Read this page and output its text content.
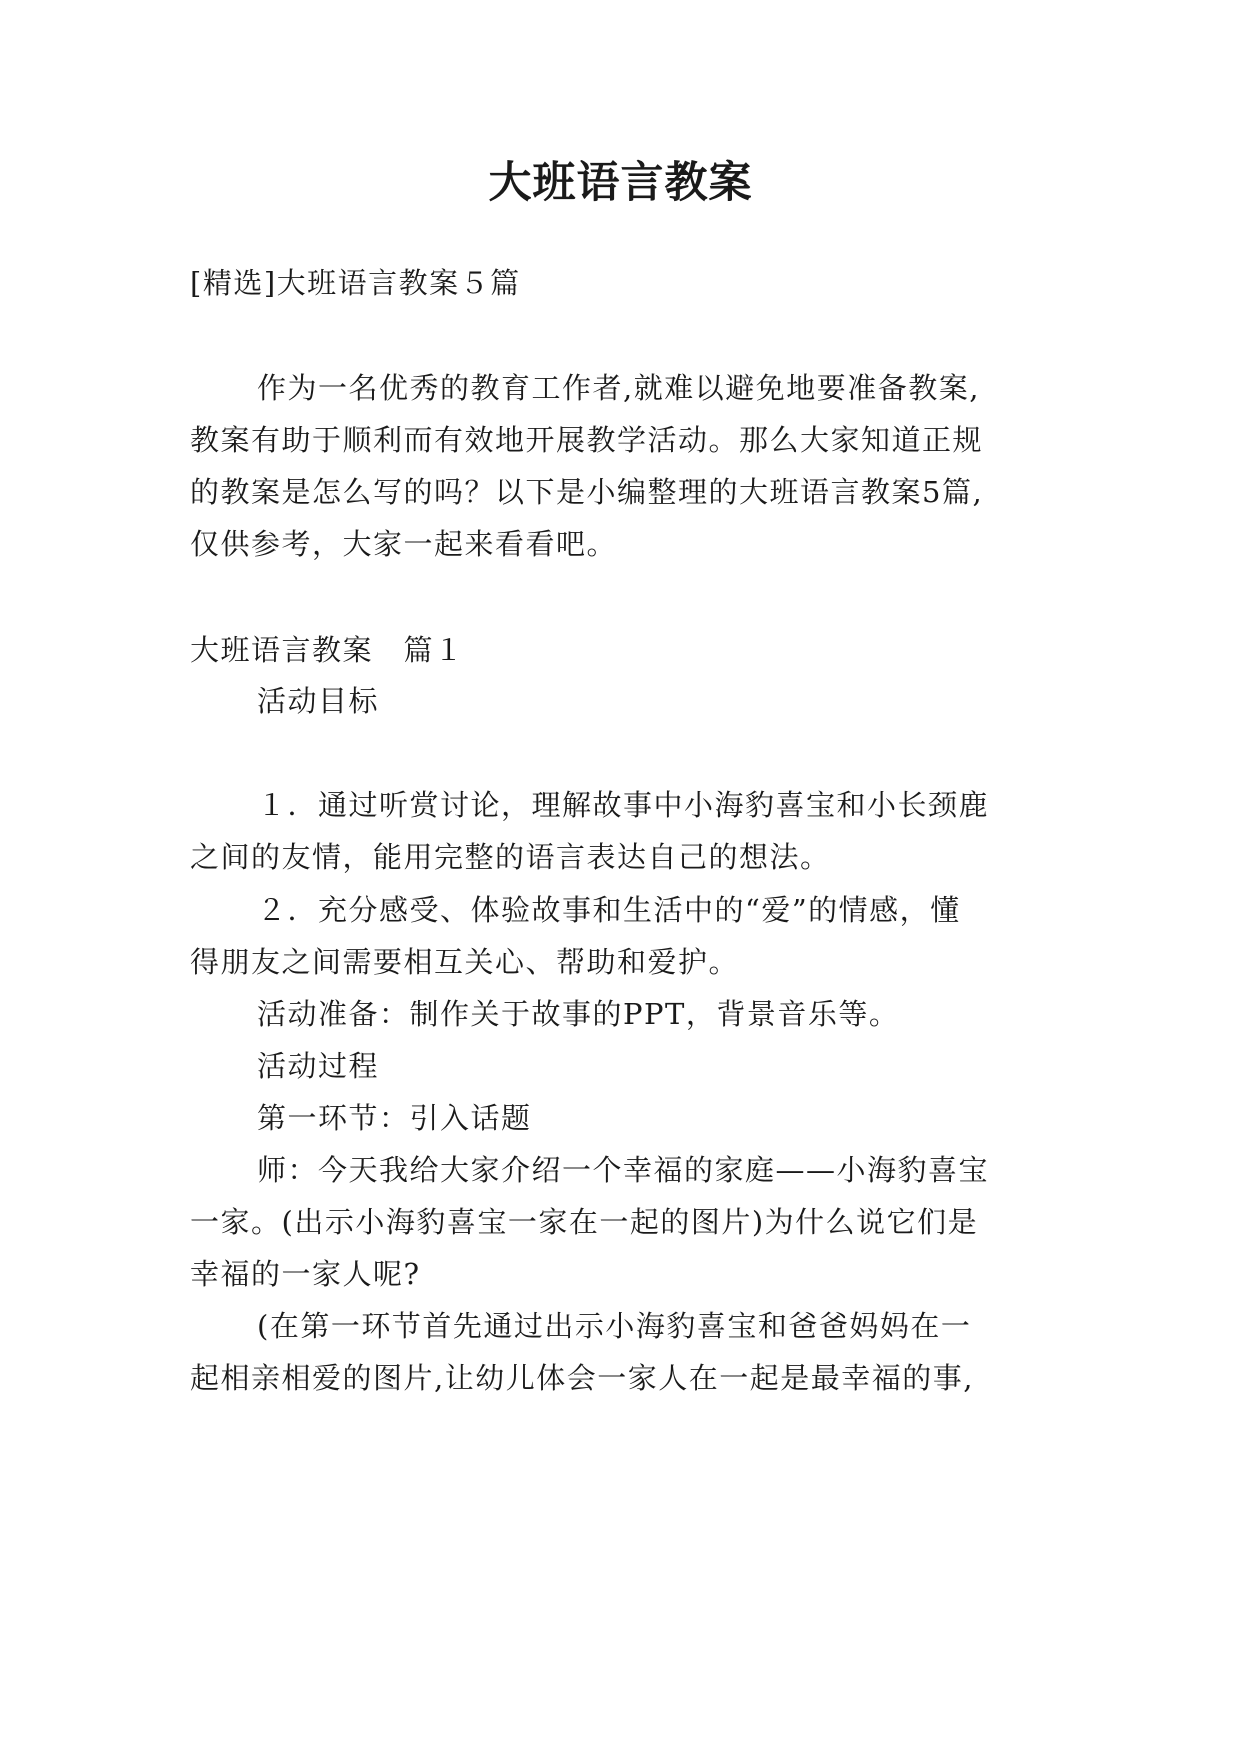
大班语言教案
[精选]大班语言教案５篇
作为一名优秀的教育工作者,就难以避免地要准备教案,
教案有助于顺利而有效地开展教学活动。那么大家知道正规
的教案是怎么写的吗？以下是小编整理的大班语言教案5篇,
仅供参考，大家一起来看看吧。
大班语言教案　篇１
活动目标
１．通过听赏讨论，理解故事中小海豹喜宝和小长颈鹿
之间的友情，能用完整的语言表达自己的想法。
２．充分感受、体验故事和生活中的“爱”的情感，懂
得朋友之间需要相互关心、帮助和爱护。
活动准备：制作关于故事的PPT，背景音乐等。
活动过程
第一环节：引入话题
师：今天我给大家介绍一个幸福的家庭——小海豹喜宝
一家。(出示小海豹喜宝一家在一起的图片)为什么说它们是
幸福的一家人呢?
(在第一环节首先通过出示小海豹喜宝和爸爸妈妈在一
起相亲相爱的图片,让幼儿体会一家人在一起是最幸福的事,
